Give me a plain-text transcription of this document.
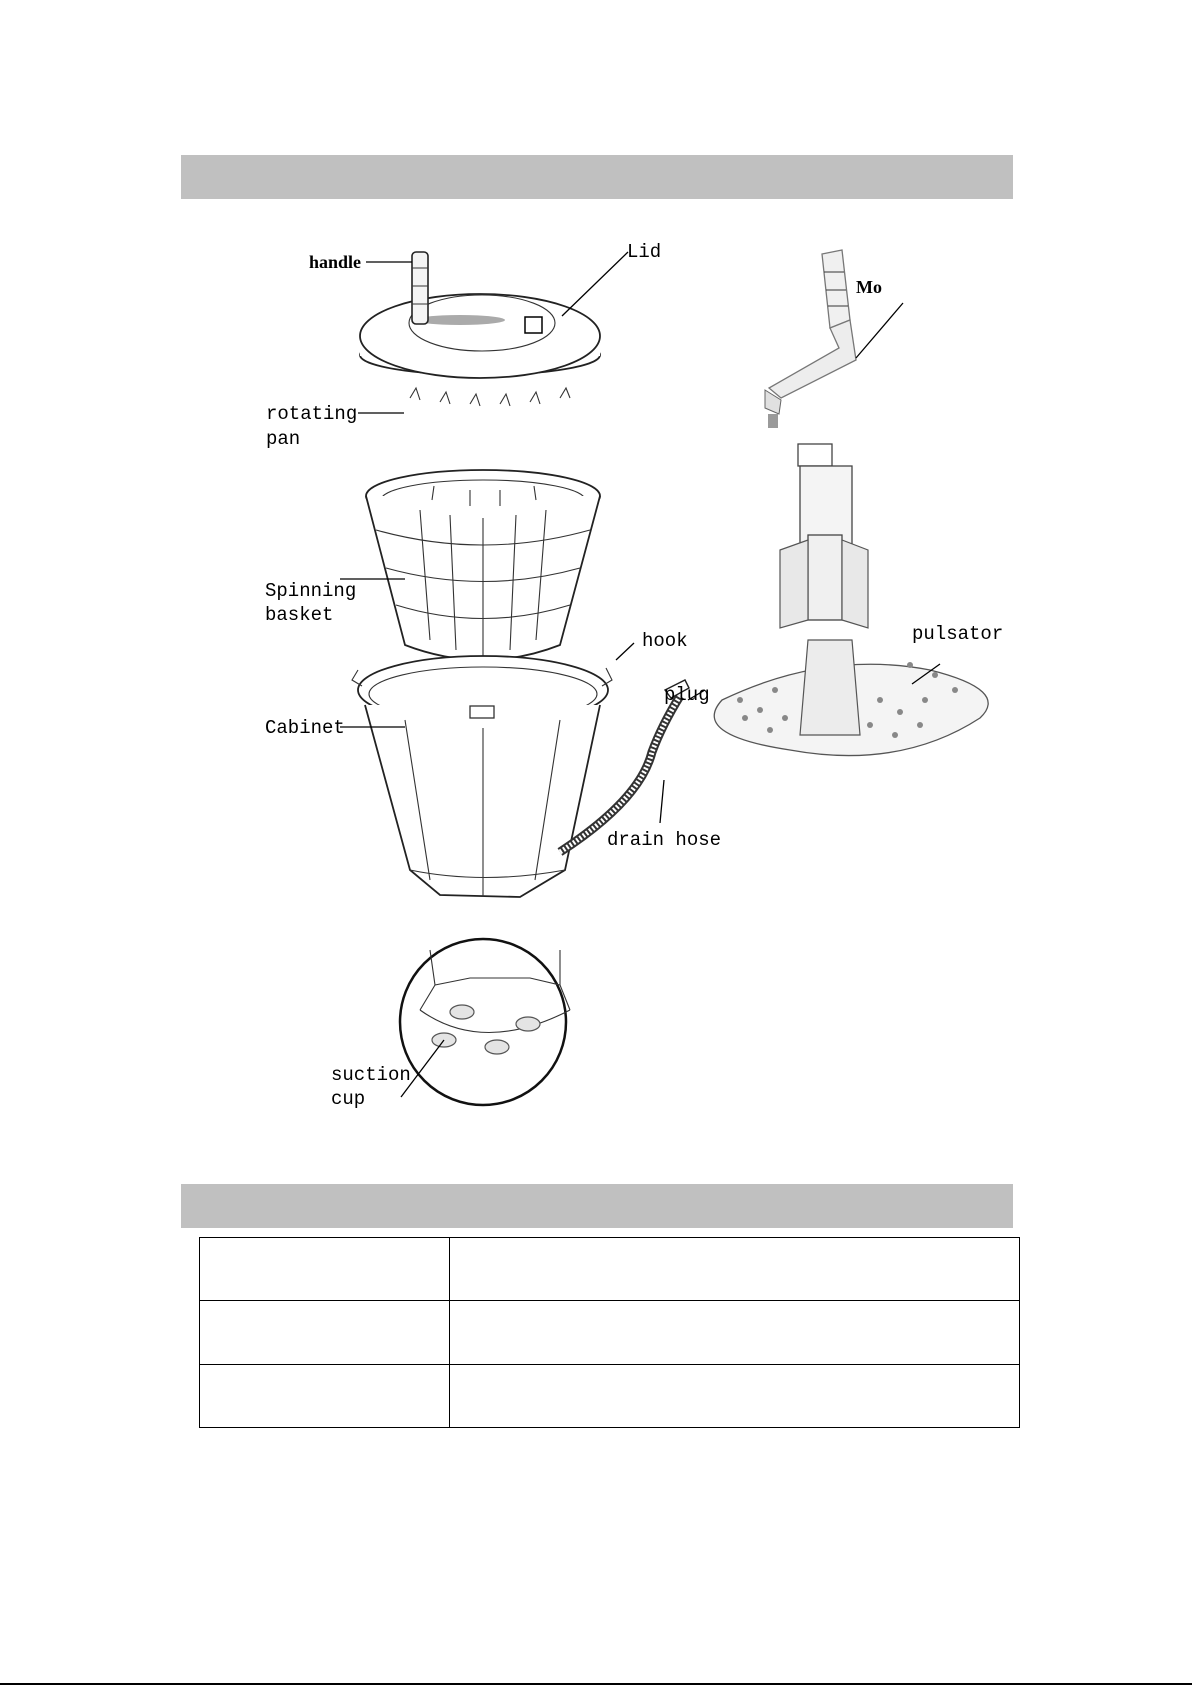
handle	Lid
rotating
pan
Mo
Spinning
basket
hook	pulsator
plug
Cabinet
drain hose
suction
cup
